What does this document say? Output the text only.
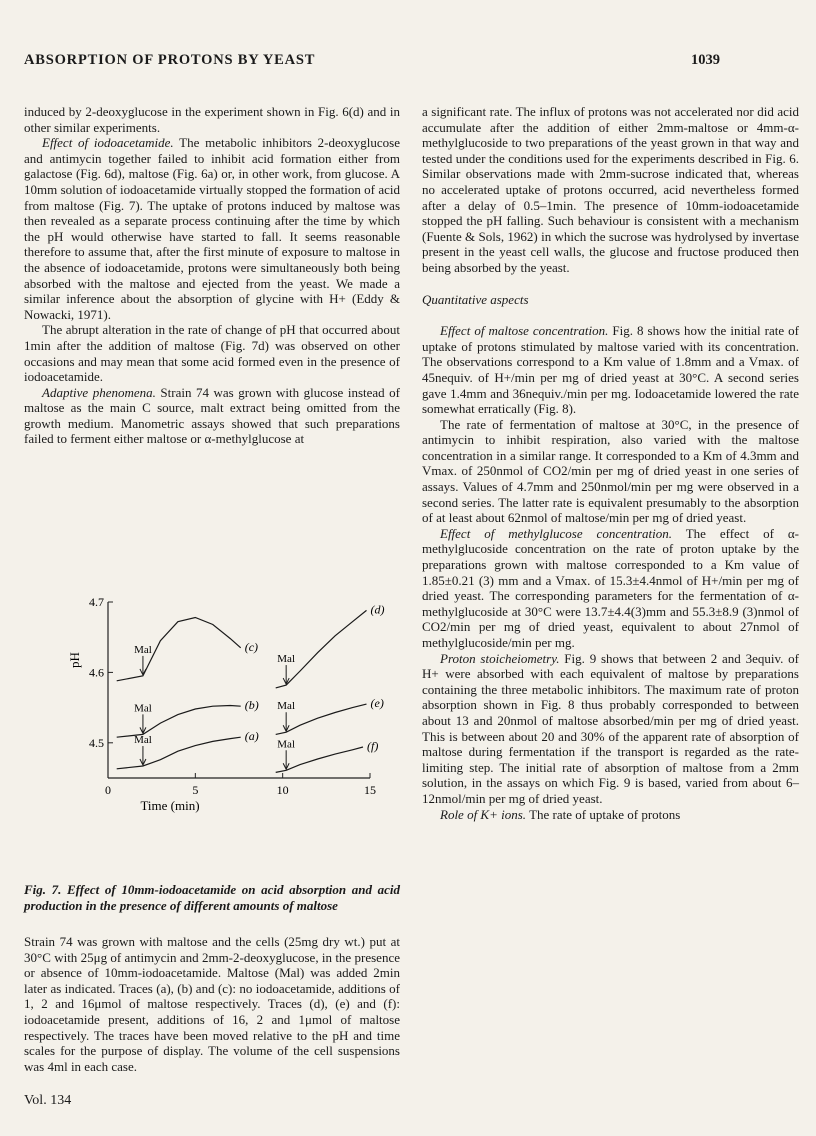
ABSORPTION OF PROTONS BY YEAST	1039

induced by 2-deoxyglucose in the experiment shown in Fig. 6(d) and in other similar experiments.

Effect of iodoacetamide. The metabolic inhibitors 2-deoxyglucose and antimycin together failed to inhibit acid formation either from galactose (Fig. 6d), maltose (Fig. 6a) or, in other work, from glucose. A 10mm solution of iodoacetamide virtually stopped the formation of acid from maltose (Fig. 7). The uptake of protons induced by maltose was then revealed as a separate process continuing after the time by which the pH would otherwise have started to fall. It seems reasonable therefore to assume that, after the first minute of exposure to maltose in the absence of iodoacetamide, protons were simultaneously both being absorbed with the maltose and ejected from the yeast. We made a similar inference about the absorption of glycine with H+ (Eddy & Nowacki, 1971).

The abrupt alteration in the rate of change of pH that occurred about 1min after the addition of maltose (Fig. 7d) was observed on other occasions and may mean that some acid formed even in the presence of iodoacetamide.

Adaptive phenomena. Strain 74 was grown with glucose instead of maltose as the main C source, malt extract being omitted from the growth medium. Manometric assays showed that such preparations failed to ferment either maltose or α-methylglucose at

0	5	10	15
4.7
4.6
4.5
(c)
(b)
(a)
(d)
(e)
(f)
Mal
Mal
Mal
Mal
Mal
Mal
Time (min)
pH
Fig. 7. Effect of 10mm-iodoacetamide on acid absorption and acid production in the presence of different amounts of maltose
Strain 74 was grown with maltose and the cells (25mg dry wt.) put at 30°C with 25μg of antimycin and 2mm-2-deoxyglucose, in the presence or absence of 10mm-iodoacetamide. Maltose (Mal) was added 2min later as indicated. Traces (a), (b) and (c): no iodoacetamide, additions of 1, 2 and 16μmol of maltose respectively. Traces (d), (e) and (f): iodoacetamide present, additions of 16, 2 and 1μmol of maltose respectively. The traces have been moved relative to the pH and time scales for the purpose of display. The volume of the cell suspensions was 4ml in each case.

a significant rate. The influx of protons was not accelerated nor did acid accumulate after the addition of either 2mm-maltose or 4mm-α-methylglucoside to two preparations of the yeast grown in that way and tested under the conditions used for the experiments described in Fig. 6. Similar observations made with 2mm-sucrose indicated that, whereas no accelerated uptake of protons occurred, acid nevertheless formed after a delay of 0.5–1min. The presence of 10mm-iodoacetamide stopped the pH falling. Such behaviour is consistent with a mechanism (Fuente & Sols, 1962) in which the sucrose was hydrolysed by invertase present in the yeast cell walls, the glucose and fructose produced then being absorbed by the yeast.

Quantitative aspects

Effect of maltose concentration. Fig. 8 shows how the initial rate of uptake of protons stimulated by maltose varied with its concentration. The observations correspond to a Km value of 1.8mm and a Vmax. of 45nequiv. of H+/min per mg of dried yeast at 30°C. A second series gave 1.4mm and 36nequiv./min per mg. Iodoacetamide lowered the rate somewhat erratically (Fig. 8).

The rate of fermentation of maltose at 30°C, in the presence of antimycin to inhibit respiration, also varied with the maltose concentration in a similar range. It corresponded to a Km of 4.3mm and Vmax. of 250nmol of CO2/min per mg of dried yeast in one series of assays. Values of 4.7mm and 250nmol/min per mg were observed in a second series. The latter rate is equivalent presumably to the absorption of at least about 62nmol of maltose/min per mg of dried yeast.

Effect of methylglucose concentration. The effect of α-methylglucoside concentration on the rate of proton uptake by the preparations grown with maltose corresponded to a Km value of 1.85±0.21 (3) mm and a Vmax. of 15.3±4.4nmol of H+/min per mg of dried yeast. The corresponding parameters for the fermentation of α-methylglucoside at 30°C were 13.7±4.4(3)mm and 55.3±8.9 (3)nmol of CO2/min per mg of dried yeast, equivalent to about 27nmol of methylglucoside/min per mg.

Proton stoicheiometry. Fig. 9 shows that between 2 and 3equiv. of H+ were absorbed with each equivalent of maltose by preparations containing the three metabolic inhibitors. The maximum rate of proton absorption shown in Fig. 8 thus probably corresponded to between about 13 and 20nmol of maltose absorbed/min per mg of dried yeast. This is between about 20 and 30% of the apparent rate of absorption of maltose during fermentation if the transport is regarded as the rate-limiting step. The initial rate of absorption of maltose from a 2mm solution, in the assays on which Fig. 9 is based, varied from about 6–12nmol/min per mg of dried yeast.

Role of K+ ions. The rate of uptake of protons

Vol. 134
